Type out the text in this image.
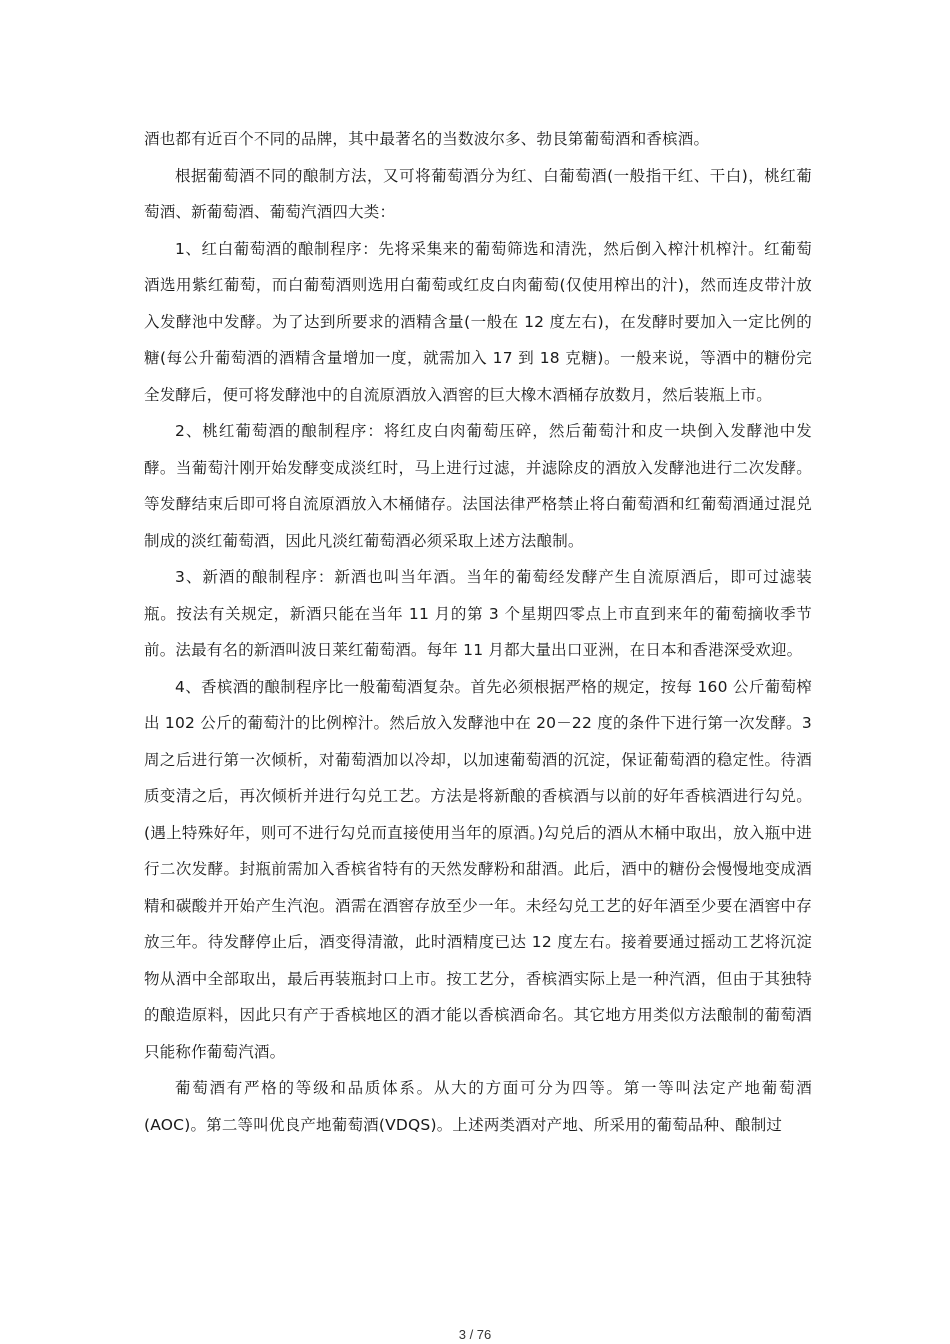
酒也都有近百个不同的品牌，其中最著名的当数波尔多、勃艮第葡萄酒和香槟酒。

根据葡萄酒不同的酿制方法，又可将葡萄酒分为红、白葡萄酒(一般指干红、干白)，桃红葡萄酒、新葡萄酒、葡萄汽酒四大类：

1、红白葡萄酒的酿制程序：先将采集来的葡萄筛选和清洗，然后倒入榨汁机榨汁。红葡萄酒选用紫红葡萄，而白葡萄酒则选用白葡萄或红皮白肉葡萄(仅使用榨出的汁)，然而连皮带汁放入发酵池中发酵。为了达到所要求的酒精含量(一般在 12 度左右)，在发酵时要加入一定比例的糖(每公升葡萄酒的酒精含量增加一度，就需加入 17 到 18 克糖)。一般来说，等酒中的糖份完全发酵后，便可将发酵池中的自流原酒放入酒窖的巨大橡木酒桶存放数月，然后装瓶上市。

2、桃红葡萄酒的酿制程序：将红皮白肉葡萄压碎，然后葡萄汁和皮一块倒入发酵池中发酵。当葡萄汁刚开始发酵变成淡红时，马上进行过滤，并滤除皮的酒放入发酵池进行二次发酵。等发酵结束后即可将自流原酒放入木桶储存。法国法律严格禁止将白葡萄酒和红葡萄酒通过混兑制成的淡红葡萄酒，因此凡淡红葡萄酒必须采取上述方法酿制。

3、新酒的酿制程序：新酒也叫当年酒。当年的葡萄经发酵产生自流原酒后，即可过滤装瓶。按法有关规定，新酒只能在当年 11 月的第 3 个星期四零点上市直到来年的葡萄摘收季节前。法最有名的新酒叫波日莱红葡萄酒。每年 11 月都大量出口亚洲，在日本和香港深受欢迎。

4、香槟酒的酿制程序比一般葡萄酒复杂。首先必须根据严格的规定，按每 160 公斤葡萄榨出 102 公斤的葡萄汁的比例榨汁。然后放入发酵池中在 20－22 度的条件下进行第一次发酵。3 周之后进行第一次倾析，对葡萄酒加以冷却，以加速葡萄酒的沉淀，保证葡萄酒的稳定性。待酒质变清之后，再次倾析并进行勾兑工艺。方法是将新酿的香槟酒与以前的好年香槟酒进行勾兑。(遇上特殊好年，则可不进行勾兑而直接使用当年的原酒。)勾兑后的酒从木桶中取出，放入瓶中进行二次发酵。封瓶前需加入香槟省特有的天然发酵粉和甜酒。此后，酒中的糖份会慢慢地变成酒精和碳酸并开始产生汽泡。酒需在酒窖存放至少一年。未经勾兑工艺的好年酒至少要在酒窖中存放三年。待发酵停止后，酒变得清澈，此时酒精度已达 12 度左右。接着要通过摇动工艺将沉淀物从酒中全部取出，最后再装瓶封口上市。按工艺分，香槟酒实际上是一种汽酒，但由于其独特的酿造原料，因此只有产于香槟地区的酒才能以香槟酒命名。其它地方用类似方法酿制的葡萄酒只能称作葡萄汽酒。

葡萄酒有严格的等级和品质体系。从大的方面可分为四等。第一等叫法定产地葡萄酒(AOC)。第二等叫优良产地葡萄酒(VDQS)。上述两类酒对产地、所采用的葡萄品种、酿制过

3 / 76
